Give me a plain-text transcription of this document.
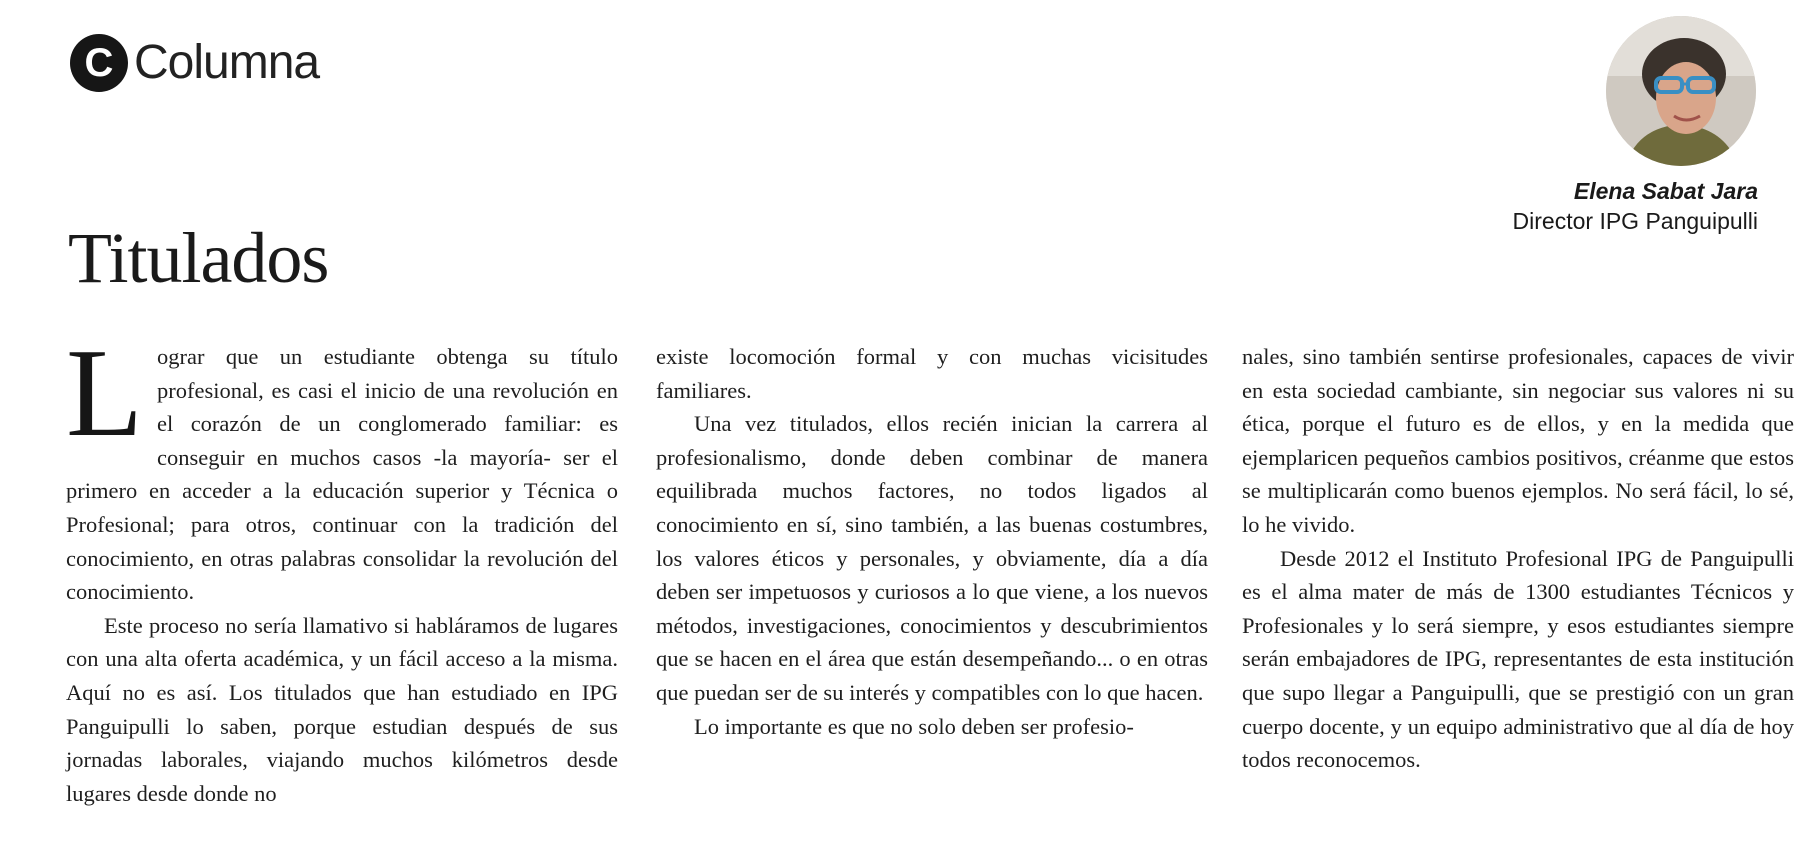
C Columna
Elena Sabat Jara
Director IPG Panguipulli
Titulados

Lograr que un estudiante obtenga su título profesional, es casi el inicio de una revolución en el corazón de un conglomerado familiar: es conseguir en muchos casos -la mayoría- ser el primero en acceder a la educación superior y Técnica o Profesional; para otros, continuar con la tradición del conocimiento, en otras palabras consolidar la revolución del conocimiento.

Este proceso no sería llamativo si habláramos de lugares con una alta oferta académica, y un fácil acceso a la misma. Aquí no es así. Los titulados que han estudiado en IPG Panguipulli lo saben, porque estudian después de sus jornadas laborales, viajando muchos kilómetros desde lugares desde donde no

existe locomoción formal y con muchas vicisitudes familiares.

Una vez titulados, ellos recién inician la carrera al profesionalismo, donde deben combinar de manera equilibrada muchos factores, no todos ligados al conocimiento en sí, sino también, a las buenas costumbres, los valores éticos y personales, y obviamente, día a día deben ser impetuosos y curiosos a lo que viene, a los nuevos métodos, investigaciones, conocimientos y descubrimientos que se hacen en el área que están desempeñando... o en otras que puedan ser de su interés y compatibles con lo que hacen.

Lo importante es que no solo deben ser profesio-

nales, sino también sentirse profesionales, capaces de vivir en esta sociedad cambiante, sin negociar sus valores ni su ética, porque el futuro es de ellos, y en la medida que ejemplaricen pequeños cambios positivos, créanme que estos se multiplicarán como buenos ejemplos. No será fácil, lo sé, lo he vivido.

Desde 2012 el Instituto Profesional IPG de Panguipulli es el alma mater de más de 1300 estudiantes Técnicos y Profesionales y lo será siempre, y esos estudiantes siempre serán embajadores de IPG, representantes de esta institución que supo llegar a Panguipulli, que se prestigió con un gran cuerpo docente, y un equipo administrativo que al día de hoy todos reconocemos.
